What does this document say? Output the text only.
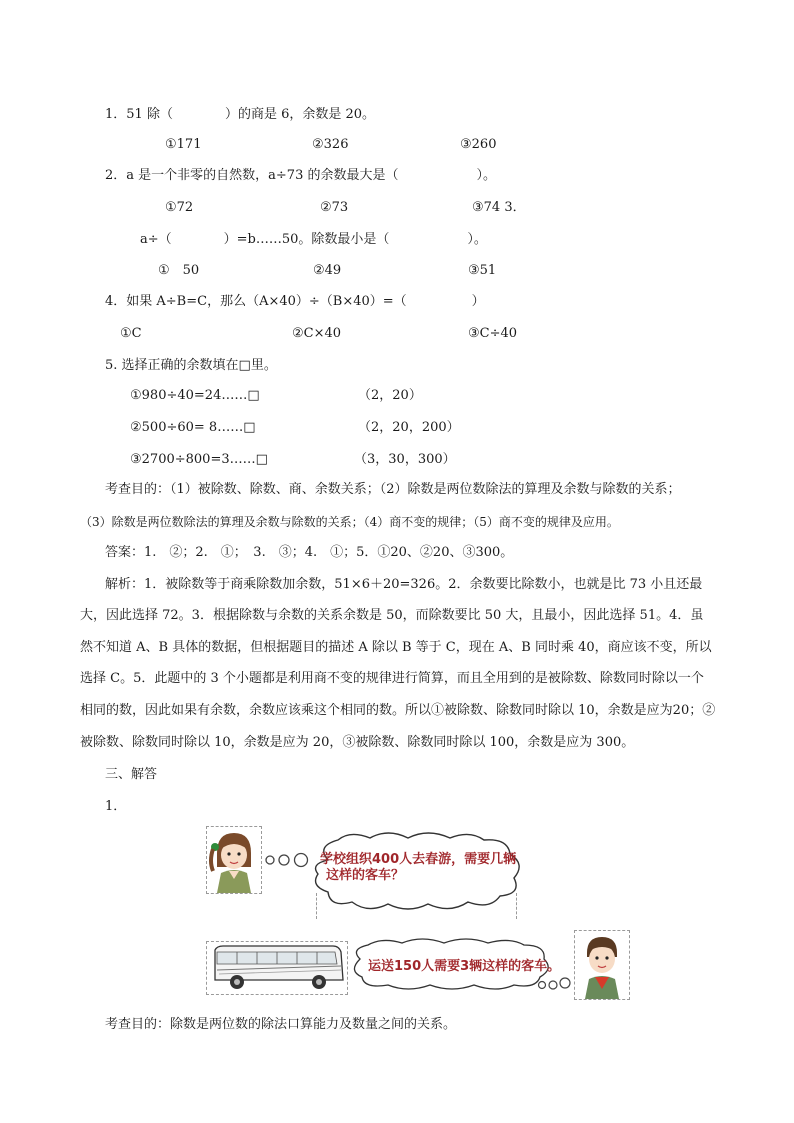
1．51 除（　　　　）的商是 6，余数是 20。
①171	②326	③260
2．a 是一个非零的自然数，a÷73 的余数最大是（　　　　　　）。
①72	②73	③74 3．
a÷（　　　　）=b……50。除数最小是（　　　　　　）。
①　50	②49	③51
4．如果 A÷B=C，那么（A×40）÷（B×40）=（　　　　　）
①C	②C×40	③C÷40
5. 选择正确的余数填在□里。
①980÷40=24……□	（2，20）
②500÷60= 8……□	（2，20，200）
③2700÷800=3……□	（3，30，300）
考查目的：（1）被除数、除数、商、余数关系；（2）除数是两位数除法的算理及余数与除数的关系；
（3）除数是两位数除法的算理及余数与除数的关系；（4）商不变的规律；（5）商不变的规律及应用。
答案：1.　②；2.　①；　3.　③；4.　①；5．①20、②20、③300。
解析：1．被除数等于商乘除数加余数，51×6＋20=326。2．余数要比除数小，也就是比 73 小且还最
大，因此选择 72。3．根据除数与余数的关系余数是 50，而除数要比 50 大，且最小，因此选择 51。4．虽
然不知道 A、B 具体的数据，但根据题目的描述 A 除以 B 等于 C，现在 A、B 同时乘 40，商应该不变，所以
选择 C。5．此题中的 3 个小题都是利用商不变的规律进行简算，而且全用到的是被除数、除数同时除以一个
相同的数，因此如果有余数，余数应该乘这个相同的数。所以①被除数、除数同时除以 10，余数是应为20；②
被除数、除数同时除以 10，余数是应为 20，③被除数、除数同时除以 100，余数是应为 300。
三、解答
1．
学校组织400人去春游，需要几辆
这样的客车？
运送150人需要3辆这样的客车。
考查目的：除数是两位数的除法口算能力及数量之间的关系。
